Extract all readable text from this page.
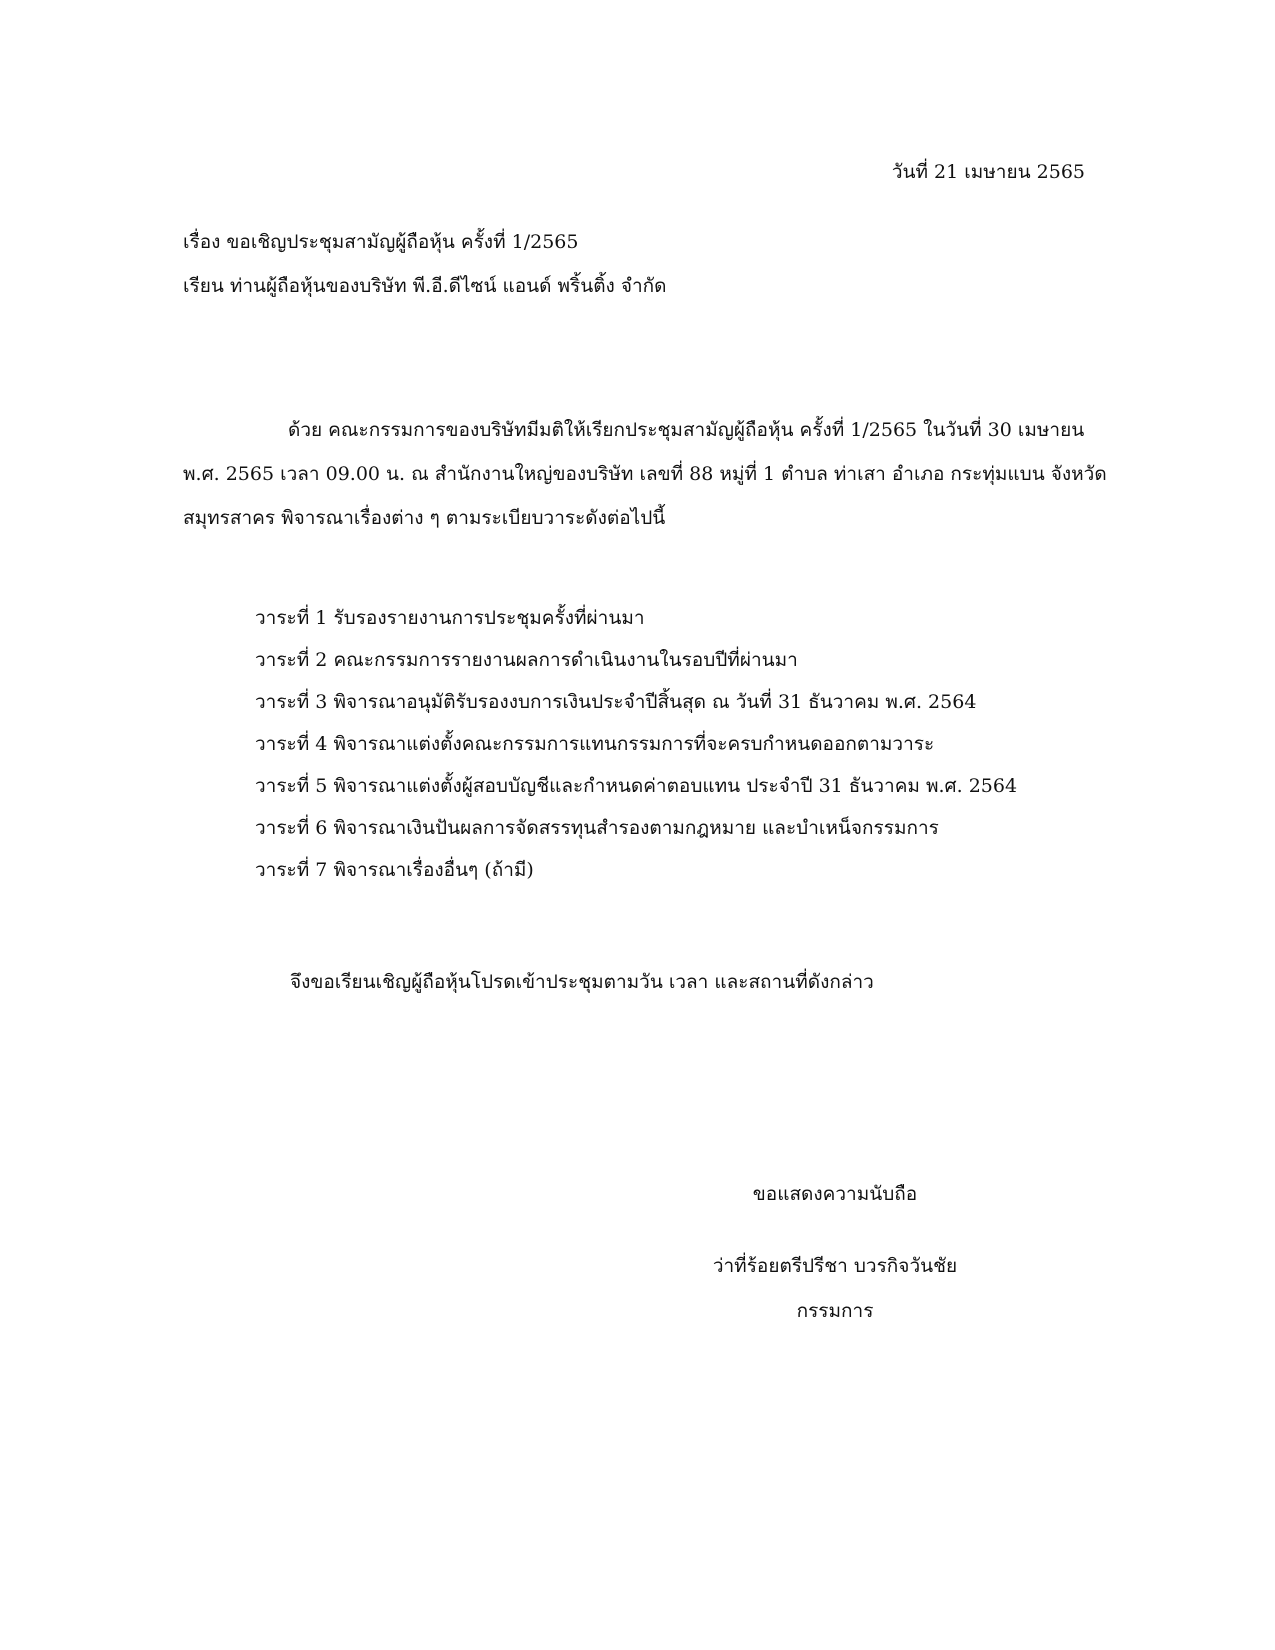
วันที่ 21 เมษายน 2565
เรื่อง ขอเชิญประชุมสามัญผู้ถือหุ้น ครั้งที่ 1/2565
เรียน ท่านผู้ถือหุ้นของบริษัท พี.อี.ดีไซน์ แอนด์ พริ้นติ้ง จำกัด
ด้วย คณะกรรมการของบริษัทมีมติให้เรียกประชุมสามัญผู้ถือหุ้น ครั้งที่ 1/2565 ในวันที่ 30 เมษายน
พ.ศ. 2565 เวลา 09.00 น. ณ สำนักงานใหญ่ของบริษัท เลขที่ 88 หมู่ที่ 1 ตำบล ท่าเสา อำเภอ กระทุ่มแบน จังหวัด
สมุทรสาคร พิจารณาเรื่องต่าง ๆ ตามระเบียบวาระดังต่อไปนี้
วาระที่ 1 รับรองรายงานการประชุมครั้งที่ผ่านมา
วาระที่ 2 คณะกรรมการรายงานผลการดำเนินงานในรอบปีที่ผ่านมา
วาระที่ 3 พิจารณาอนุมัติรับรองงบการเงินประจำปีสิ้นสุด ณ วันที่ 31 ธันวาคม พ.ศ. 2564
วาระที่ 4 พิจารณาแต่งตั้งคณะกรรมการแทนกรรมการที่จะครบกำหนดออกตามวาระ
วาระที่ 5 พิจารณาแต่งตั้งผู้สอบบัญชีและกำหนดค่าตอบแทน ประจำปี 31 ธันวาคม พ.ศ. 2564
วาระที่ 6 พิจารณาเงินปันผลการจัดสรรทุนสำรองตามกฎหมาย และบำเหน็จกรรมการ
วาระที่ 7 พิจารณาเรื่องอื่นๆ (ถ้ามี)
จึงขอเรียนเชิญผู้ถือหุ้นโปรดเข้าประชุมตามวัน เวลา และสถานที่ดังกล่าว
ขอแสดงความนับถือ
ว่าที่ร้อยตรีปรีชา บวรกิจวันชัย
กรรมการ
